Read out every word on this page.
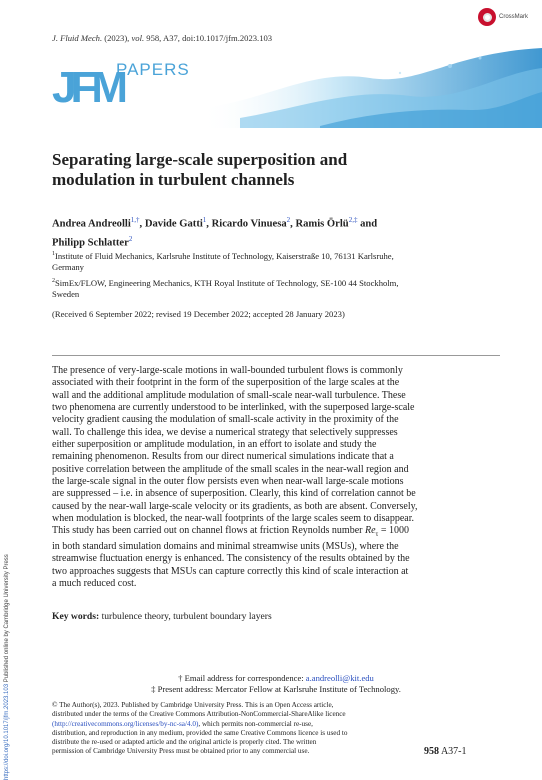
CrossMark
J. Fluid Mech. (2023), vol. 958, A37, doi:10.1017/jfm.2023.103
JFM
PAPERS
Separating large-scale superposition and
modulation in turbulent channels
Andrea Andreolli$^{1,\dagger}$, Davide Gatti$^1$, Ricardo Vinuesa$^2$, Ramis Örlü$^{2,\ddagger}$ and
Philipp Schlatter$^2$
$^1$Institute of Fluid Mechanics, Karlsruhe Institute of Technology, Kaiserstraße 10, 76131 Karlsruhe,
Germany
$^2$SimEx/FLOW, Engineering Mechanics, KTH Royal Institute of Technology, SE-100 44 Stockholm,
Sweden
(Received 6 September 2022; revised 19 December 2022; accepted 28 January 2023)
The presence of very-large-scale motions in wall-bounded turbulent flows is commonly
associated with their footprint in the form of the superposition of the large scales at the
wall and the additional amplitude modulation of small-scale near-wall turbulence. These
two phenomena are currently understood to be interlinked, with the superposed large-scale
velocity gradient causing the modulation of small-scale activity in the proximity of the
wall. To challenge this idea, we devise a numerical strategy that selectively suppresses
either superposition or amplitude modulation, in an effort to isolate and study the
remaining phenomenon. Results from our direct numerical simulations indicate that a
positive correlation between the amplitude of the small scales in the near-wall region and
the large-scale signal in the outer flow persists even when near-wall large-scale motions
are suppressed – i.e. in absence of superposition. Clearly, this kind of correlation cannot be
caused by the near-wall large-scale velocity or its gradients, as both are absent. Conversely,
when modulation is blocked, the near-wall footprints of the large scales seem to disappear.
This study has been carried out on channel flows at friction Reynolds number $Re_\tau = 1000$
in both standard simulation domains and minimal streamwise units (MSUs), where the
streamwise fluctuation energy is enhanced. The consistency of the results obtained by the
two approaches suggests that MSUs can capture correctly this kind of scale interaction at
a much reduced cost.
Key words: turbulence theory, turbulent boundary layers
https://doi.org/10.1017/jfm.2023.103 Published online by Cambridge University Press	† Email address for correspondence: a.andreolli@kit.edu
‡ Present address: Mercator Fellow at Karlsruhe Institute of Technology.
© The Author(s), 2023. Published by Cambridge University Press. This is an Open Access article,
distributed under the terms of the Creative Commons Attribution-NonCommercial-ShareAlike licence
(http://creativecommons.org/licenses/by-nc-sa/4.0), which permits non-commercial re-use,
distribution, and reproduction in any medium, provided the same Creative Commons licence is used to
distribute the re-used or adapted article and the original article is properly cited. The written
permission of Cambridge University Press must be obtained prior to any commercial use.	958 A37-1
